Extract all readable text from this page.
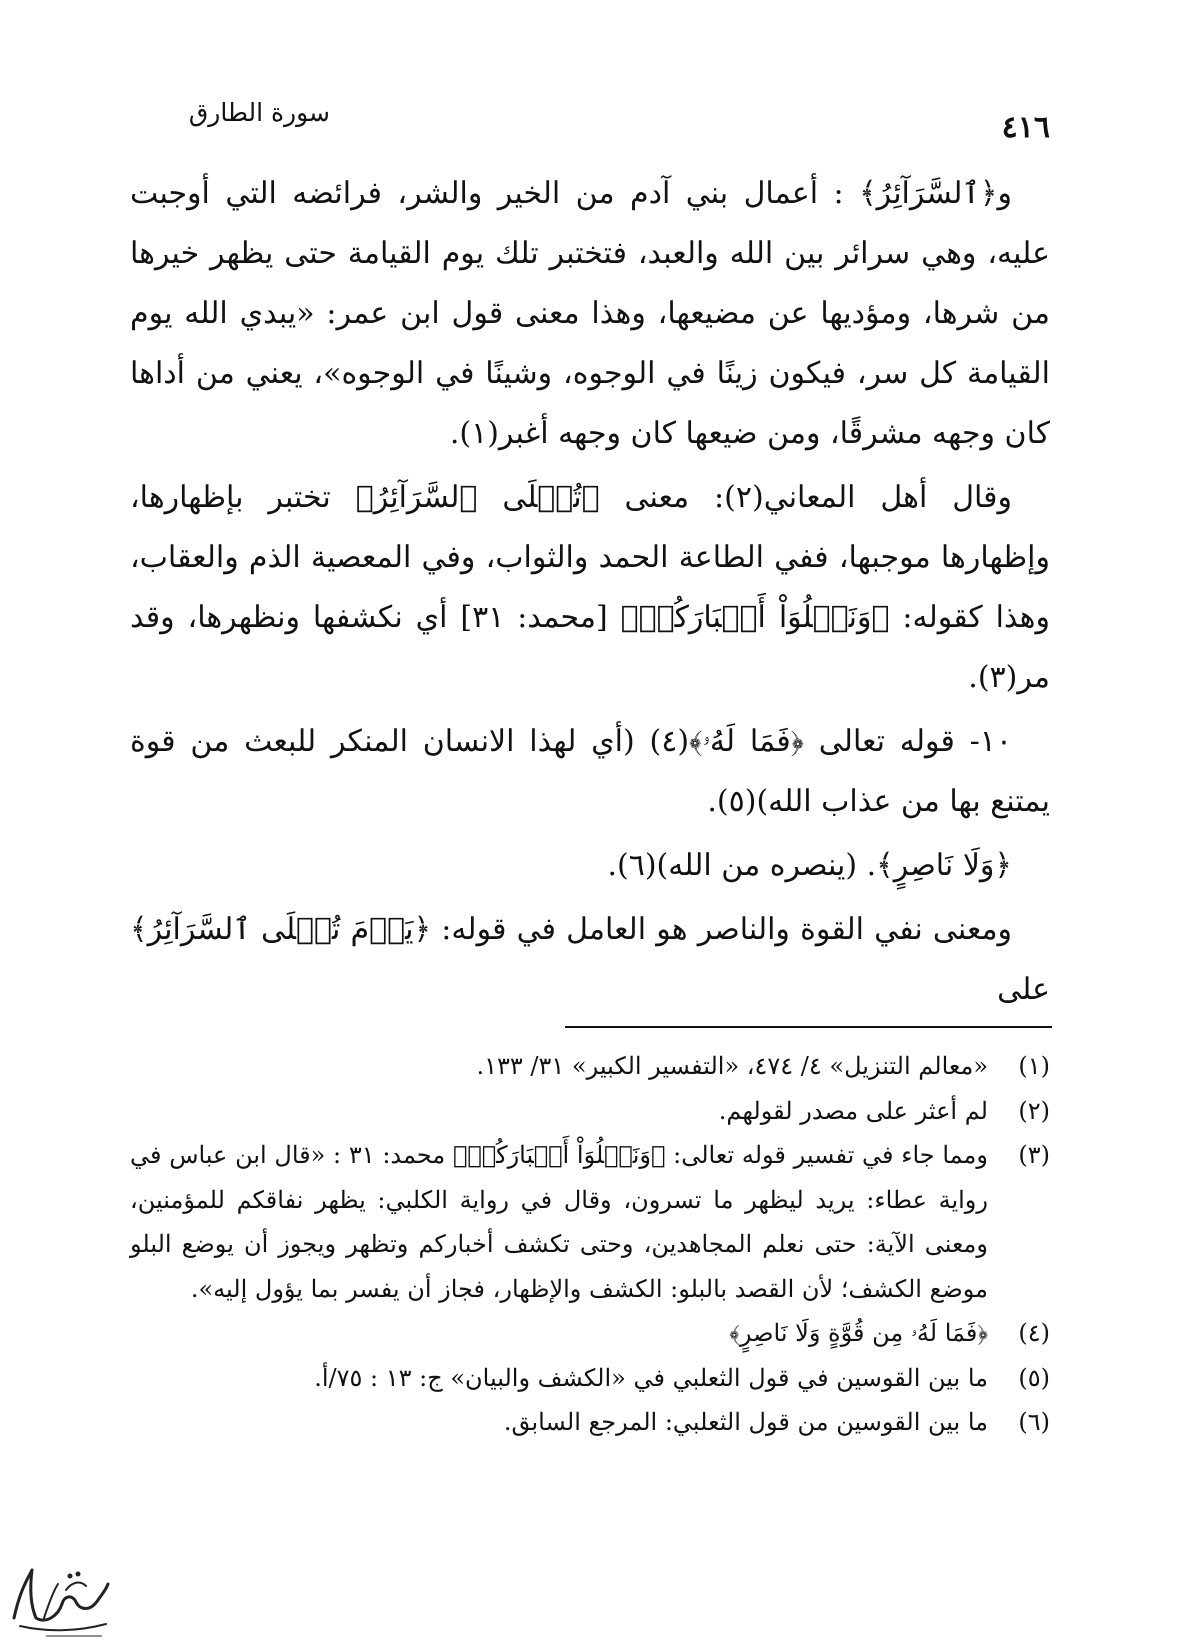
سورة الطارق	٤١٦

و﴿ٱلسَّرَآئِرُ﴾ : أعمال بني آدم من الخير والشر، فرائضه التي أوجبت عليه، وهي سرائر بين الله والعبد، فتختبر تلك يوم القيامة حتى يظهر خيرها من شرها، ومؤديها عن مضيعها، وهذا معنى قول ابن عمر: «يبدي الله يوم القيامة كل سر، فيكون زينًا في الوجوه، وشينًا في الوجوه»، يعني من أداها كان وجهه مشرقًا، ومن ضيعها كان وجهه أغبر(١).

وقال أهل المعاني(٢): معنى ﴿تُبۡلَى ٱلسَّرَآئِرُ﴾ تختبر بإظهارها، وإظهارها موجبها، ففي الطاعة الحمد والثواب، وفي المعصية الذم والعقاب، وهذا كقوله: ﴿وَنَبۡلُوَاْ أَخۡبَارَكُمۡ﴾ [محمد: ٣١] أي نكشفها ونظهرها، وقد مر(٣).

١٠- قوله تعالى ﴿فَمَا لَهُۥ﴾(٤) (أي لهذا الانسان المنكر للبعث من قوة يمتنع بها من عذاب الله)(٥).

﴿وَلَا نَاصِرٍ﴾. (ينصره من الله)(٦).

ومعنى نفي القوة والناصر هو العامل في قوله: ﴿يَوۡمَ تُبۡلَى ٱلسَّرَآئِرُ﴾ على

(١)
«معالم التنزيل» ٤/ ٤٧٤، «التفسير الكبير» ٣١/ ١٣٣.
(٢)
لم أعثر على مصدر لقولهم.
(٣)
ومما جاء في تفسير قوله تعالى: ﴿وَنَبۡلُوَاْ أَخۡبَارَكُمۡ﴾ محمد: ٣١ : «قال ابن عباس في رواية عطاء: يريد ليظهر ما تسرون، وقال في رواية الكلبي: يظهر نفاقكم للمؤمنين، ومعنى الآية: حتى نعلم المجاهدين، وحتى تكشف أخباركم وتظهر ويجوز أن يوضع البلو موضع الكشف؛ لأن القصد بالبلو: الكشف والإظهار، فجاز أن يفسر بما يؤول إليه».
(٤)
﴿فَمَا لَهُۥ مِن قُوَّةٍ وَلَا نَاصِرٍ﴾
(٥)
ما بين القوسين في قول الثعلبي في «الكشف والبيان» ج: ١٣ : ٧٥/أ.
(٦)
ما بين القوسين من قول الثعلبي: المرجع السابق.
